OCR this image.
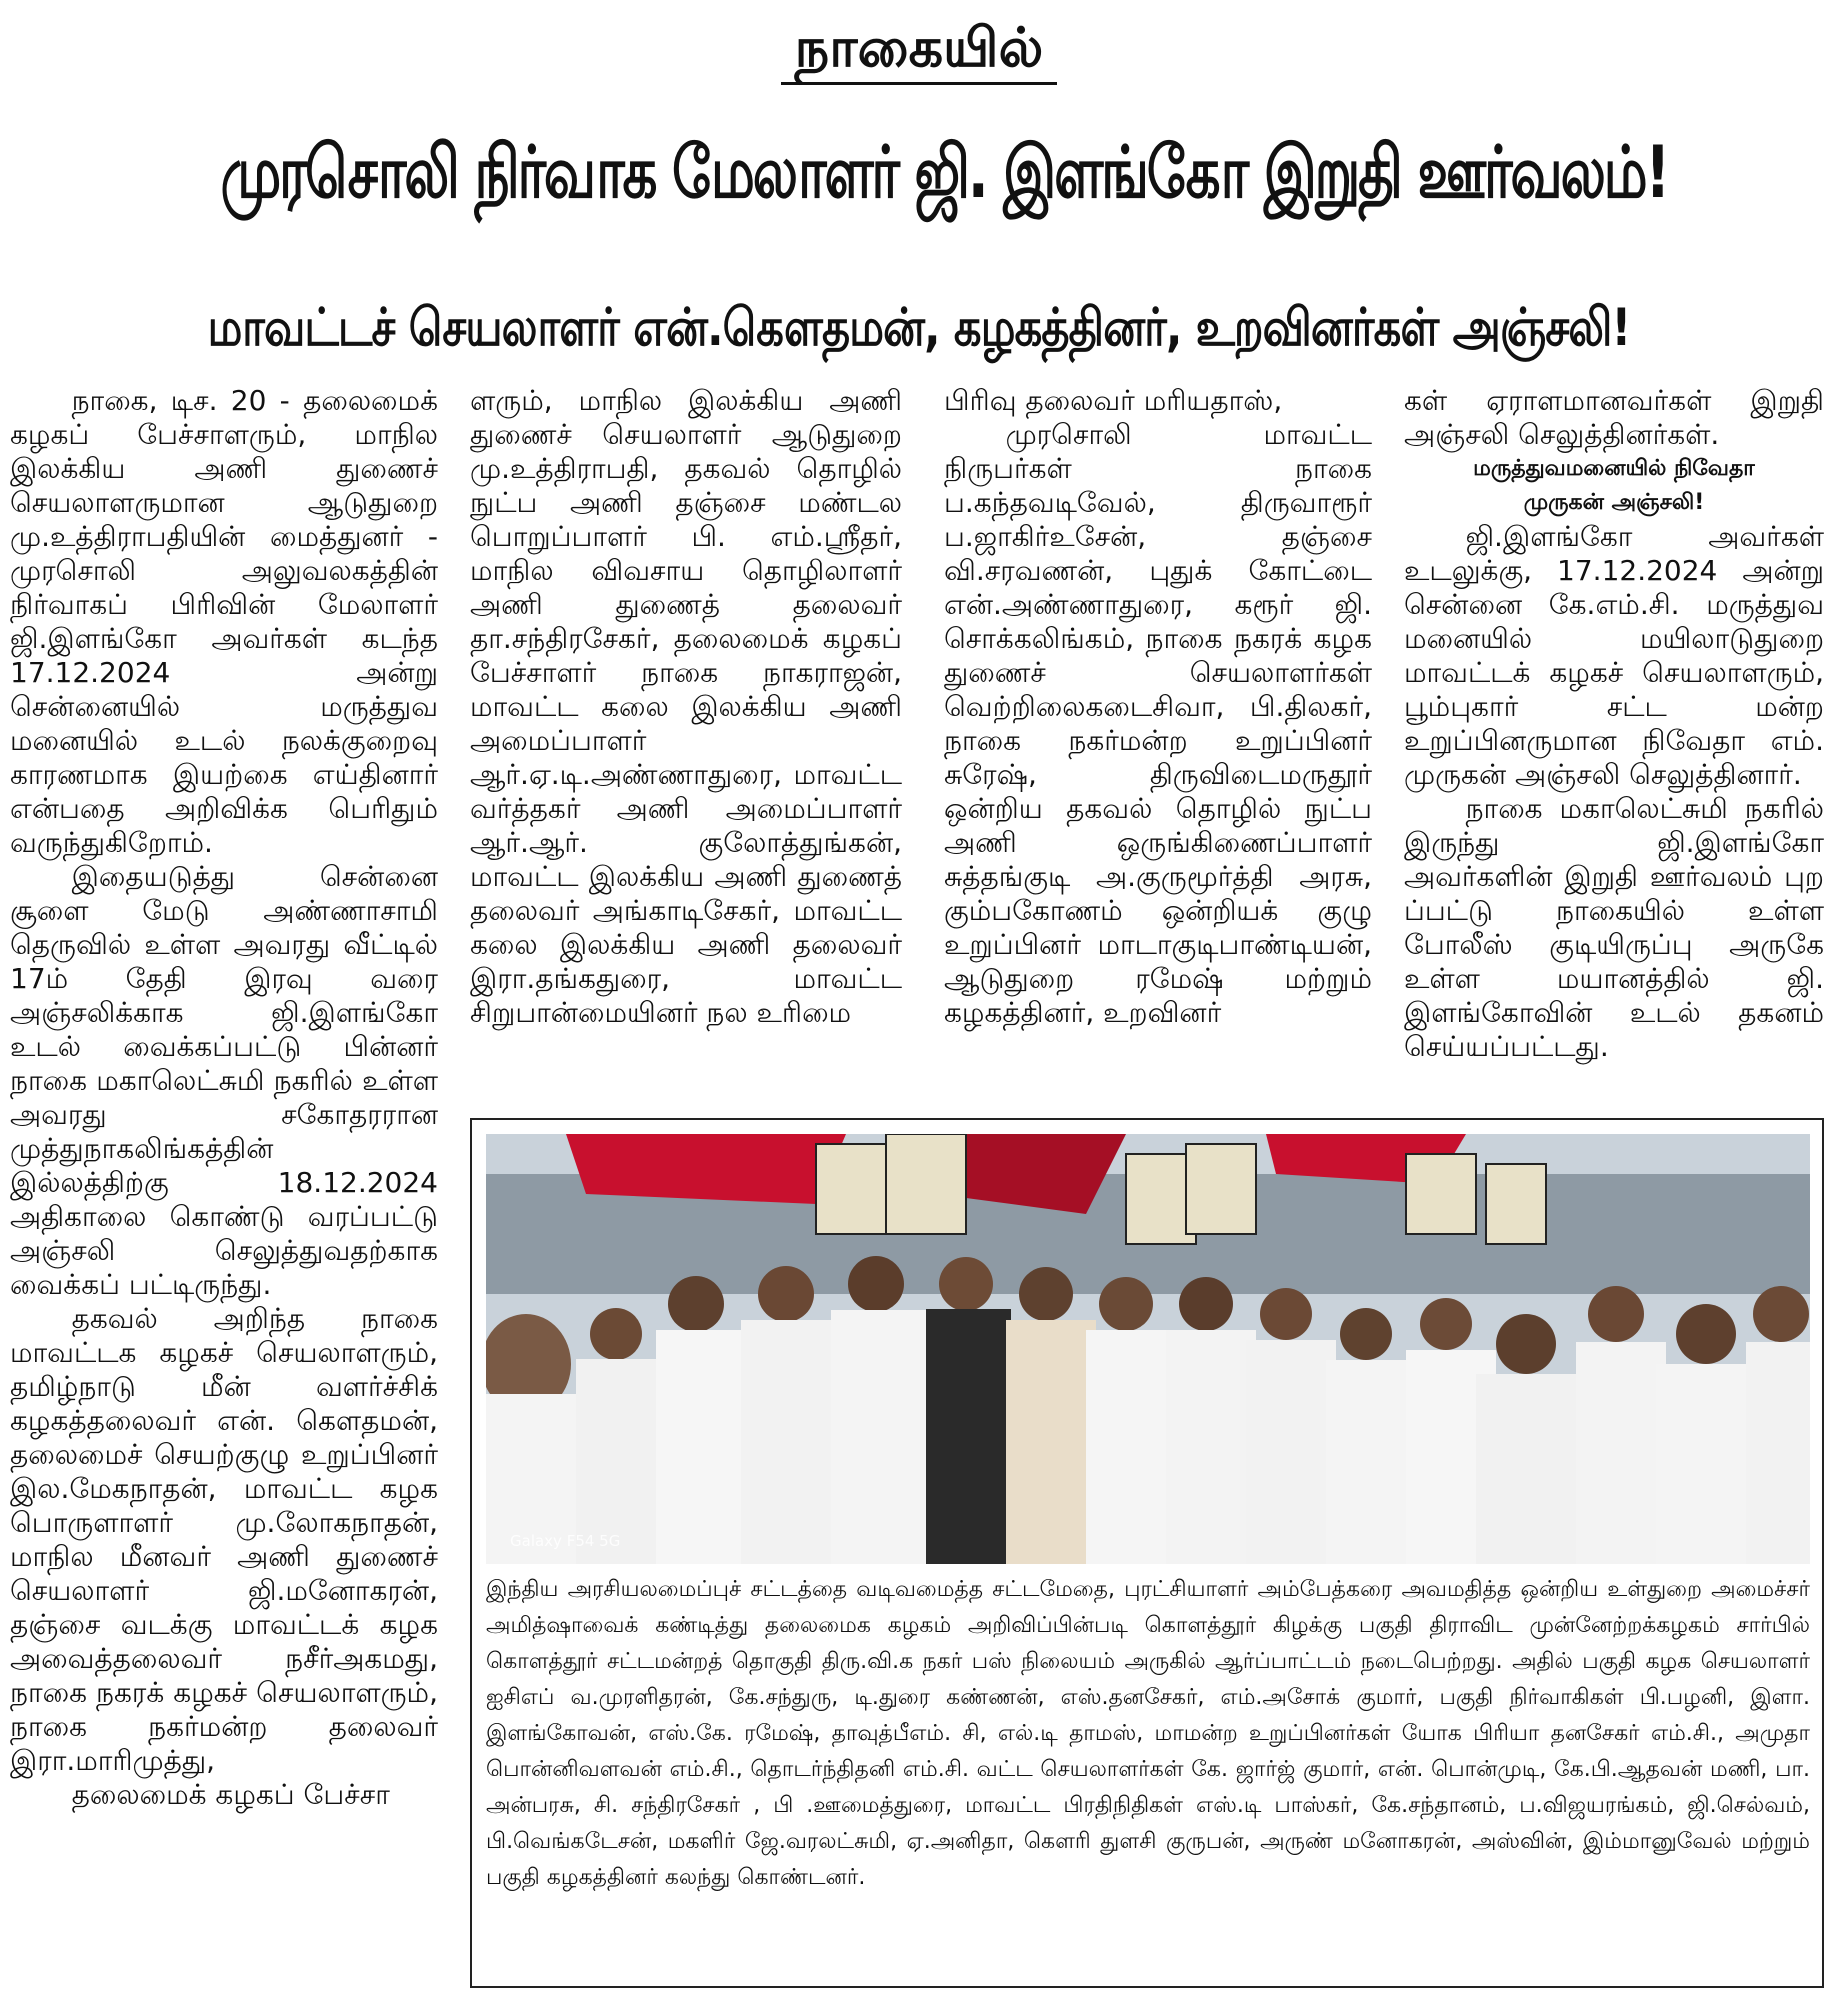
நாகையில்
முரசொலி நிர்வாக மேலாளர் ஜி. இளங்கோ இறுதி ஊர்வலம்!
மாவட்டச் செயலாளர் என்.கௌதமன், கழகத்தினர், உறவினர்கள் அஞ்சலி!

நாகை, டிச. 20 - தலைமைக் கழகப் பேச்சாளரும், மாநில இலக்கிய அணி துணைச் செயலாளருமான ஆடுதுறை மு.உத்திராபதியின் மைத்துனர் - முரசொலி அலுவலகத்தின் நிர்வாகப் பிரிவின் மேலாளர் ஜி.இளங்கோ அவர்கள் கடந்த 17.12.2024 அன்று சென்னையில் மருத்துவ மனையில் உடல் நலக்குறைவு காரணமாக இயற்கை எய்தினார் என்பதை அறிவிக்க பெரிதும் வருந்துகிறோம்.

இதையடுத்து சென்னை சூளை மேடு அண்ணாசாமி தெருவில் உள்ள அவரது வீட்டில் 17ம் தேதி இரவு வரை அஞ்சலிக்காக ஜி.இளங்கோ உடல் வைக்கப்பட்டு பின்னர் நாகை மகாலெட்சுமி நகரில் உள்ள அவரது சகோதரரான முத்துநாகலிங்கத்தின் இல்லத்திற்கு 18.12.2024 அதிகாலை கொண்டு வரப்பட்டு அஞ்சலி செலுத்துவதற்காக வைக்கப் பட்டிருந்து.

தகவல் அறிந்த நாகை மாவட்டக கழகச் செயலாளரும், தமிழ்நாடு மீன் வளர்ச்சிக் கழகத்தலைவர் என். கௌதமன், தலைமைச் செயற்குழு உறுப்பினர் இல.மேகநாதன், மாவட்ட கழக பொருளாளர் மு.லோகநாதன், மாநில மீனவர் அணி துணைச் செயலாளர் ஜி.மனோகரன், தஞ்சை வடக்கு மாவட்டக் கழக அவைத்தலைவர் நசீர்அகமது, நாகை நகரக் கழகச் செயலாளரும், நாகை நகர்மன்ற தலைவர் இரா.மாரிமுத்து,

தலைமைக் கழகப் பேச்சா

ளரும், மாநில இலக்கிய அணி துணைச் செயலாளர் ஆடுதுறை மு.உத்திராபதி, தகவல் தொழில் நுட்ப அணி தஞ்சை மண்டல பொறுப்பாளர் பி. எம்.ஸ்ரீதர், மாநில விவசாய தொழிலாளர் அணி துணைத் தலைவர் தா.சந்திரசேகர், தலைமைக் கழகப் பேச்சாளர் நாகை நாகராஜன், மாவட்ட கலை இலக்கிய அணி அமைப்பாளர் ஆர்.ஏ.டி.அண்ணாதுரை, மாவட்ட வர்த்தகர் அணி அமைப்பாளர் ஆர்.ஆர். குலோத்துங்கன், மாவட்ட இலக்கிய அணி துணைத் தலைவர் அங்காடிசேகர், மாவட்ட கலை இலக்கிய அணி தலைவர் இரா.தங்கதுரை, மாவட்ட சிறுபான்மையினர் நல உரிமை

பிரிவு தலைவர் மரியதாஸ்,

முரசொலி மாவட்ட நிருபர்கள் நாகை ப.கந்தவடிவேல், திருவாரூர் ப.ஜாகிர்உசேன், தஞ்சை வி.சரவணன், புதுக் கோட்டை என்.அண்ணாதுரை, கரூர் ஜி. சொக்கலிங்கம், நாகை நகரக் கழக துணைச் செயலாளர்கள் வெற்றிலைகடைசிவா, பி.திலகர், நாகை நகர்மன்ற உறுப்பினர் சுரேஷ், திருவிடைமருதூர் ஒன்றிய தகவல் தொழில் நுட்ப அணி ஒருங்கிணைப்பாளர் சுத்தங்குடி அ.குருமூர்த்தி அரசு, கும்பகோணம் ஒன்றியக் குழு உறுப்பினர் மாடாகுடிபாண்டியன், ஆடுதுறை ரமேஷ் மற்றும் கழகத்தினர், உறவினர்

கள் ஏராளமானவர்கள் இறுதி அஞ்சலி செலுத்தினர்கள்.

மருத்துவமனையில் நிவேதா

முருகன் அஞ்சலி!

ஜி.இளங்கோ அவர்கள் உடலுக்கு, 17.12.2024 அன்று சென்னை கே.எம்.சி. மருத்துவ மனையில் மயிலாடுதுறை மாவட்டக் கழகச் செயலாளரும், பூம்புகார் சட்ட மன்ற உறுப்பினருமான நிவேதா எம். முருகன் அஞ்சலி செலுத்தினார்.

நாகை மகாலெட்சுமி நகரில் இருந்து ஜி.இளங்கோ அவர்களின் இறுதி ஊர்வலம் புற ப்பட்டு நாகையில் உள்ள போலீஸ் குடியிருப்பு அருகே உள்ள மயானத்தில் ஜி. இளங்கோவின் உடல் தகனம் செய்யப்பட்டது.

Galaxy F54 5G

இந்திய அரசியலமைப்புச் சட்டத்தை வடிவமைத்த சட்டமேதை, புரட்சியாளர் அம்பேத்கரை அவமதித்த ஒன்றிய உள்துறை அமைச்சர் அமித்ஷாவைக் கண்டித்து தலைமைக கழகம் அறிவிப்பின்படி கொளத்தூர் கிழக்கு பகுதி திராவிட முன்னேற்றக்கழகம் சார்பில் கொளத்தூர் சட்டமன்றத் தொகுதி திரு.வி.க நகர் பஸ் நிலையம் அருகில் ஆர்ப்பாட்டம் நடைபெற்றது. அதில் பகுதி கழக செயலாளர் ஐசிஎப் வ.முரளிதரன், கே.சந்துரு, டி.துரை கண்ணன், எஸ்.தனசேகர், எம்.அசோக் குமார், பகுதி நிர்வாகிகள் பி.பழனி, இளா. இளங்கோவன், எஸ்.கே. ரமேஷ், தாவுத்பீஎம். சி, எல்.டி தாமஸ், மாமன்ற உறுப்பினர்கள் யோக பிரியா தனசேகர் எம்.சி., அமுதா பொன்னிவளவன் எம்.சி., தொடர்ந்திதனி எம்.சி. வட்ட செயலாளர்கள் கே. ஜார்ஜ் குமார், என். பொன்முடி, கே.பி.ஆதவன் மணி, பா. அன்பரசு, சி. சந்திரசேகர் , பி .ஊமைத்துரை, மாவட்ட பிரதிநிதிகள் எஸ்.டி பாஸ்கர், கே.சந்தானம், ப.விஜயரங்கம், ஜி.செல்வம், பி.வெங்கடேசன், மகளிர் ஜே.வரலட்சுமி, ஏ.அனிதா, கௌரி துளசி குருபன், அருண் மனோகரன், அஸ்வின், இம்மானுவேல் மற்றும் பகுதி கழகத்தினர் கலந்து கொண்டனர்.
